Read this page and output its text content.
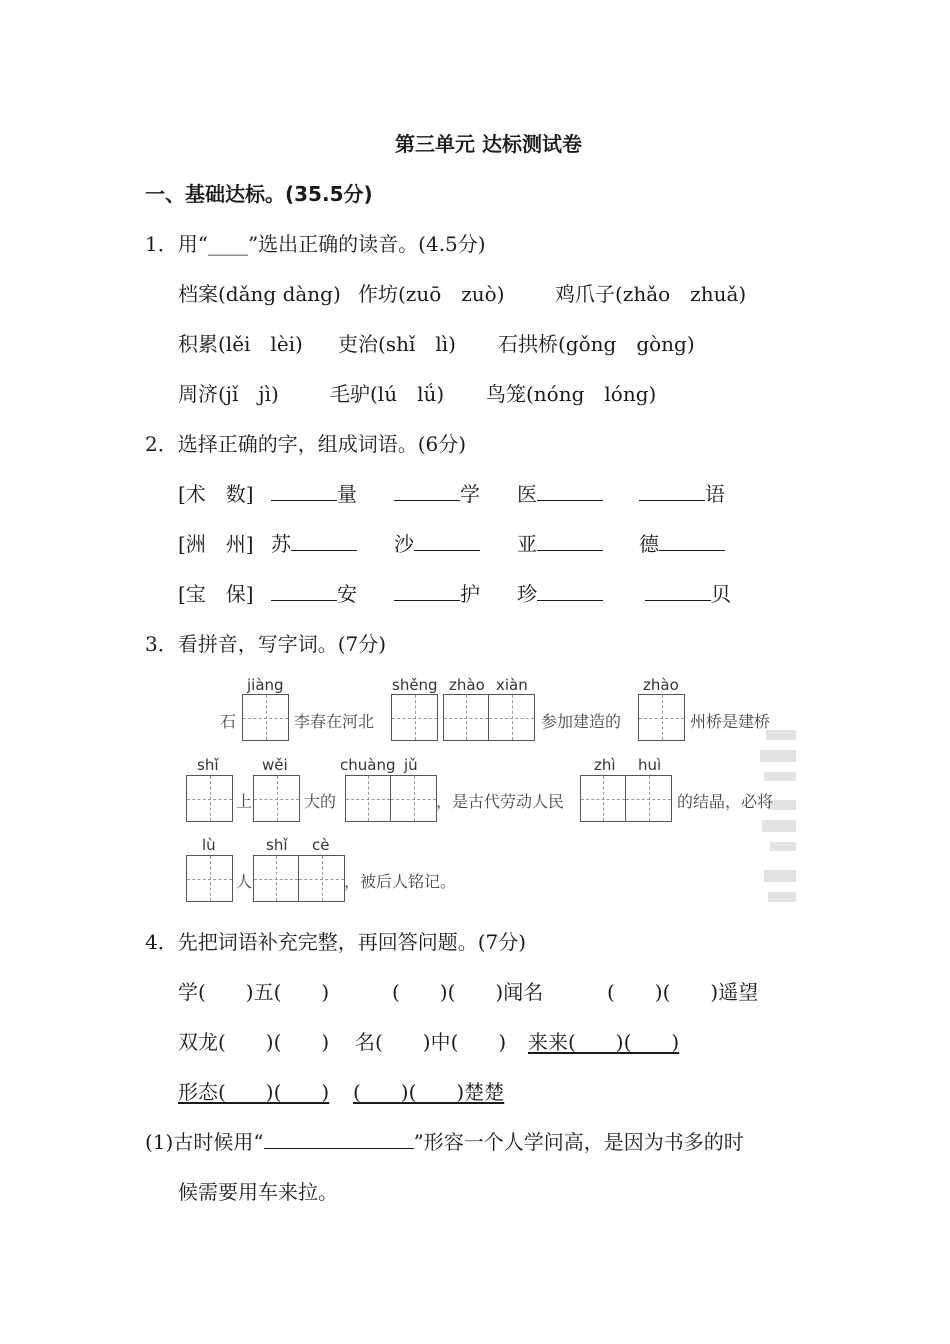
第三单元 达标测试卷
一、基础达标。(35.5分)
1．用“____”选出正确的读音。(4.5分)
档案(dǎng dàng) 作坊(zuō　zuò)	鸡爪子(zhǎo　zhuǎ)
积累(lěi　lèi) 吏治(shǐ　lì) 石拱桥(gǒng　gòng)
周济(jǐ　jì)	毛驴(lú　lǘ) 鸟笼(nóng　lóng)
2．选择正确的字，组成词语。(6分)
[术　数]	量	学 医	语
[洲　州] 苏	沙	亚	德
[宝　保]	安	护 珍	贝
3．看拼音，写字词。(7分)
jiàng	shěng zhào xiàn	zhào
石	李春在河北	参加建造的	州桥是建桥
shǐ	wěi	chuàng jǔ	zhì huì
上	大的	，是古代劳动人民	的结晶，必将
lù	shǐ cè
人	，被后人铭记。
4．先把词语补充完整，再回答问题。(7分)
学(　　)五(　　)	(　　)(　　)闻名	(　　)(　　)遥望
双龙(　　)(　　) 名(　　)中(　　) 来来(　　)(　　)
形态(　　)(　　) (　　)(　　)楚楚
(1)古时候用“	”形容一个人学问高，是因为书多的时
候需要用车来拉。
